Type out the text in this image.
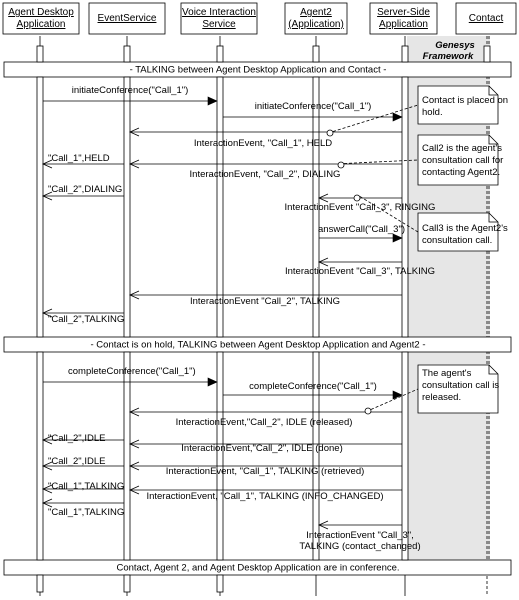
Genesys
Framework
Agent Desktop
Application
EventService
Voice Interaction
Service
Agent2
(Application)
Server-Side
Application
Contact
- TALKING between Agent Desktop Application and Contact -
- Contact is on hold, TALKING between Agent Desktop Application and Agent2 -
Contact, Agent 2, and Agent Desktop Application are in conference.
initiateConference("Call_1")
initiateConference("Call_1")
InteractionEvent, "Call_1", HELD
"Call_1",HELD
InteractionEvent, "Call_2", DIALING
"Call_2",DIALING
InteractionEvent "Call_3", RINGING
answerCall("Call_3")
InteractionEvent "Call_3", TALKING
InteractionEvent "Call_2", TALKING
"Call_2",TALKING
completeConference("Call_1")
completeConference("Call_1")
InteractionEvent,"Call_2", IDLE (released)
"Call_2",IDLE
InteractionEvent,"Call_2", IDLE (done)
"Call_2",IDLE
InteractionEvent, "Call_1", TALKING (retrieved)
"Call_1",TALKING
InteractionEvent, "Call_1", TALKING (INFO_CHANGED)
"Call_1",TALKING
InteractionEvent "Call_3",
TALKING (contact_changed)
Contact is placed on
hold.
Call2 is the agent's
consultation call for
contacting Agent2.
Call3 is the Agent2's
consultation call.
The agent's
consultation call is
released.
